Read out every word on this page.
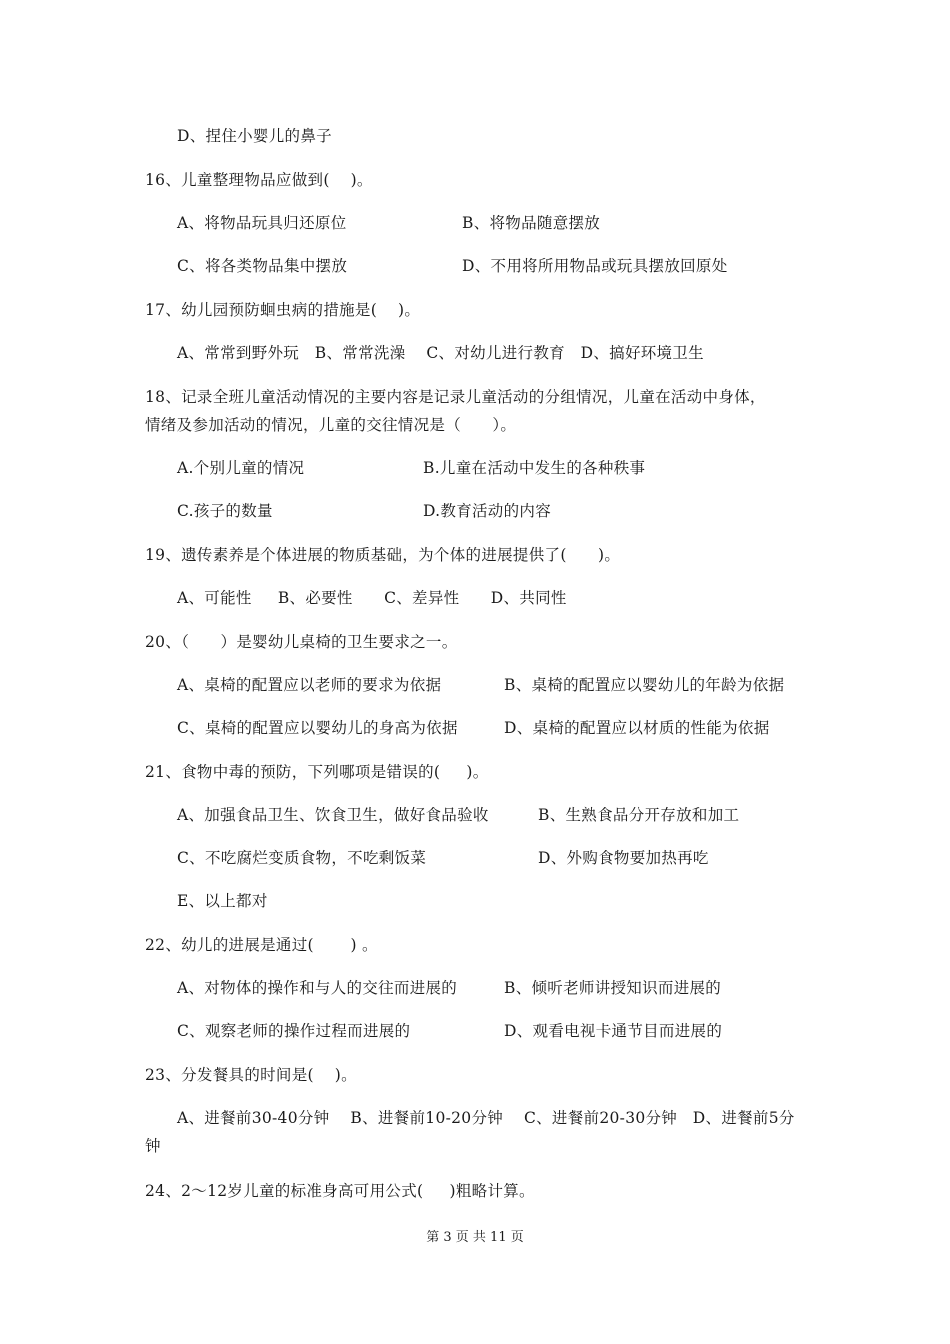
D、捏住小婴儿的鼻子
16、儿童整理物品应做到(    )。
A、将物品玩具归还原位	B、将物品随意摆放
C、将各类物品集中摆放	D、不用将所用物品或玩具摆放回原处
17、幼儿园预防蛔虫病的措施是(    )。
A、常常到野外玩   B、常常洗澡    C、对幼儿进行教育   D、搞好环境卫生
18、记录全班儿童活动情况的主要内容是记录儿童活动的分组情况，儿童在活动中身体，
情绪及参加活动的情况，儿童的交往情况是（      ）。
A.个别儿童的情况	B.儿童在活动中发生的各种秩事
C.孩子的数量	D.教育活动的内容
19、遗传素养是个体进展的物质基础，为个体的进展提供了(      )。
A、可能性     B、必要性      C、差异性      D、共同性
20、（      ）是婴幼儿桌椅的卫生要求之一。
A、桌椅的配置应以老师的要求为依据	B、桌椅的配置应以婴幼儿的年龄为依据
C、桌椅的配置应以婴幼儿的身高为依据	D、桌椅的配置应以材质的性能为依据
21、食物中毒的预防，下列哪项是错误的(     )。
A、加强食品卫生、饮食卫生，做好食品验收	B、生熟食品分开存放和加工
C、不吃腐烂变质食物，不吃剩饭菜	D、外购食物要加热再吃
E、以上都对
22、幼儿的进展是通过(       ) 。
A、对物体的操作和与人的交往而进展的	B、倾听老师讲授知识而进展的
C、观察老师的操作过程而进展的	D、观看电视卡通节目而进展的
23、分发餐具的时间是(    )。
A、进餐前30-40分钟    B、进餐前10-20分钟    C、进餐前20-30分钟   D、进餐前5分
钟
24、2～12岁儿童的标准身高可用公式(     )粗略计算。
第 3 页 共 11 页
